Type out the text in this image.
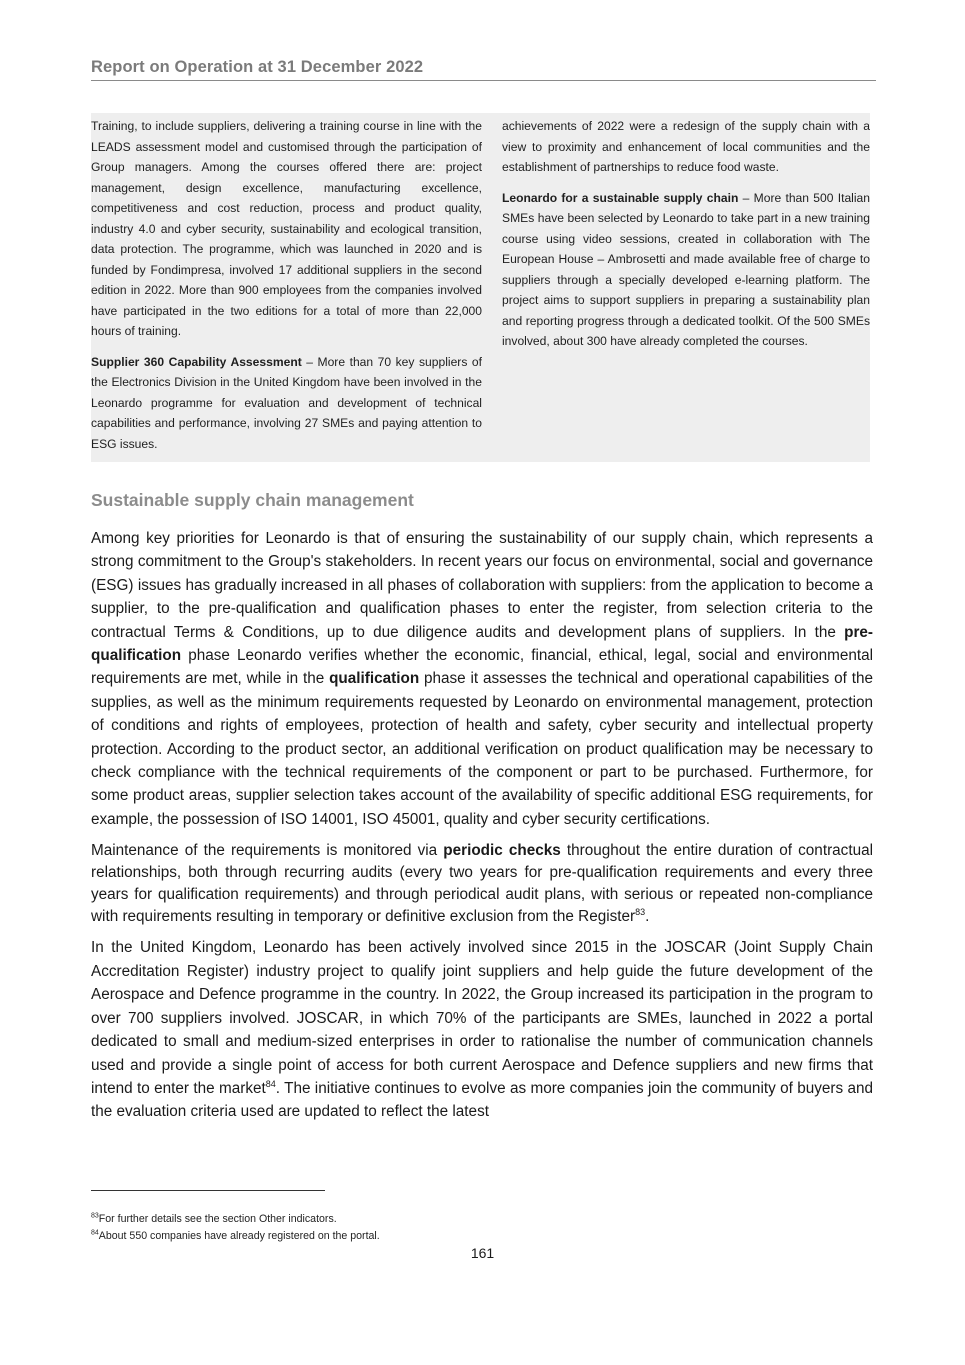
Report on Operation at 31 December 2022

Training, to include suppliers, delivering a training course in line with the LEADS assessment model and customised through the participation of Group managers. Among the courses offered there are: project management, design excellence, manufacturing excellence, competitiveness and cost reduction, process and product quality, industry 4.0 and cyber security, sustainability and ecological transition, data protection. The programme, which was launched in 2020 and is funded by Fondimpresa, involved 17 additional suppliers in the second edition in 2022. More than 900 employees from the companies involved have participated in the two editions for a total of more than 22,000 hours of training.

Supplier 360 Capability Assessment – More than 70 key suppliers of the Electronics Division in the United Kingdom have been involved in the Leonardo programme for evaluation and development of technical capabilities and performance, involving 27 SMEs and paying attention to ESG issues.

achievements of 2022 were a redesign of the supply chain with a view to proximity and enhancement of local communities and the establishment of partnerships to reduce food waste.

Leonardo for a sustainable supply chain – More than 500 Italian SMEs have been selected by Leonardo to take part in a new training course using video sessions, created in collaboration with The European House – Ambrosetti and made available free of charge to suppliers through a specially developed e-learning platform. The project aims to support suppliers in preparing a sustainability plan and reporting progress through a dedicated toolkit. Of the 500 SMEs involved, about 300 have already completed the courses.

Sustainable supply chain management

Among key priorities for Leonardo is that of ensuring the sustainability of our supply chain, which represents a strong commitment to the Group's stakeholders. In recent years our focus on environmental, social and governance (ESG) issues has gradually increased in all phases of collaboration with suppliers: from the application to become a supplier, to the pre-qualification and qualification phases to enter the register, from selection criteria to the contractual Terms & Conditions, up to due diligence audits and development plans of suppliers. In the pre-qualification phase Leonardo verifies whether the economic, financial, ethical, legal, social and environmental requirements are met, while in the qualification phase it assesses the technical and operational capabilities of the supplies, as well as the minimum requirements requested by Leonardo on environmental management, protection of conditions and rights of employees, protection of health and safety, cyber security and intellectual property protection. According to the product sector, an additional verification on product qualification may be necessary to check compliance with the technical requirements of the component or part to be purchased. Furthermore, for some product areas, supplier selection takes account of the availability of specific additional ESG requirements, for example, the possession of ISO 14001, ISO 45001, quality and cyber security certifications.

Maintenance of the requirements is monitored via periodic checks throughout the entire duration of contractual relationships, both through recurring audits (every two years for pre-qualification requirements and every three years for qualification requirements) and through periodical audit plans, with serious or repeated non-compliance with requirements resulting in temporary or definitive exclusion from the Register$^{83}$.

In the United Kingdom, Leonardo has been actively involved since 2015 in the JOSCAR (Joint Supply Chain Accreditation Register) industry project to qualify joint suppliers and help guide the future development of the Aerospace and Defence programme in the country. In 2022, the Group increased its participation in the program to over 700 suppliers involved. JOSCAR, in which 70% of the participants are SMEs, launched in 2022 a portal dedicated to small and medium-sized enterprises in order to rationalise the number of communication channels used and provide a single point of access for both current Aerospace and Defence suppliers and new firms that intend to enter the market$^{84}$. The initiative continues to evolve as more companies join the community of buyers and the evaluation criteria used are updated to reflect the latest

$^{83}$For further details see the section Other indicators.
$^{84}$About 550 companies have already registered on the portal.
161
